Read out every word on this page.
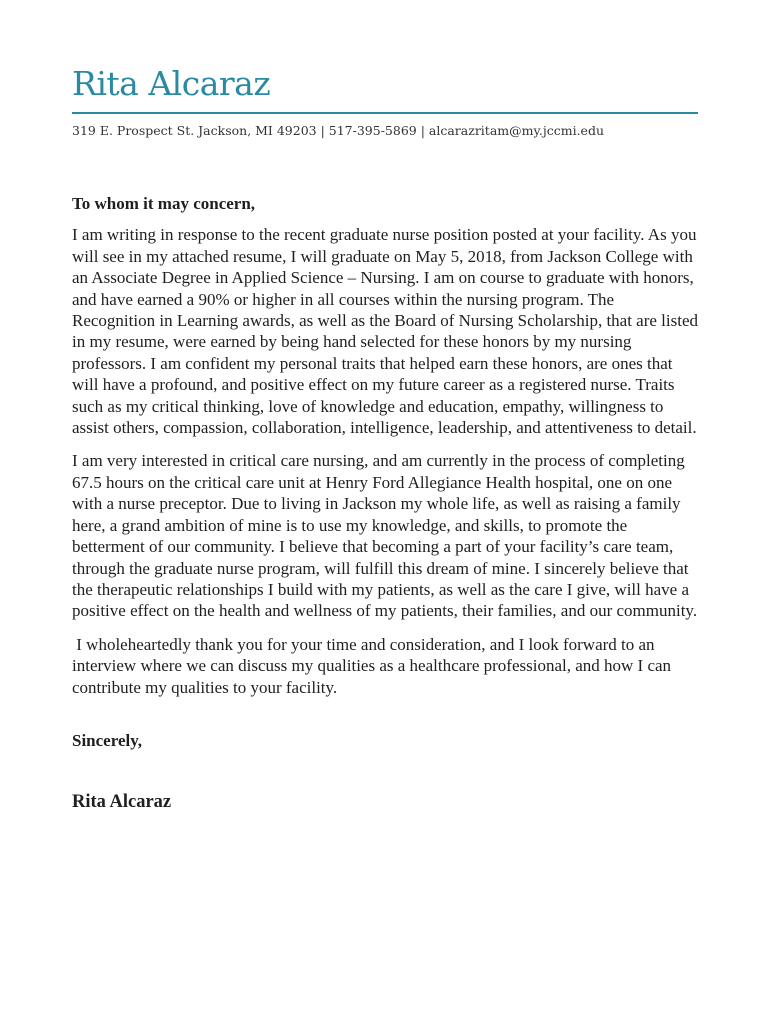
Rita Alcaraz
319 E. Prospect St. Jackson, MI 49203 | 517-395-5869 | alcarazritam@my.jccmi.edu

To whom it may concern,

I am writing in response to the recent graduate nurse position posted at your facility. As you will see in my attached resume, I will graduate on May 5, 2018, from Jackson College with an Associate Degree in Applied Science – Nursing. I am on course to graduate with honors, and have earned a 90% or higher in all courses within the nursing program. The Recognition in Learning awards, as well as the Board of Nursing Scholarship, that are listed in my resume, were earned by being hand selected for these honors by my nursing professors. I am confident my personal traits that helped earn these honors, are ones that will have a profound, and positive effect on my future career as a registered nurse. Traits such as my critical thinking, love of knowledge and education, empathy, willingness to assist others, compassion, collaboration, intelligence, leadership, and attentiveness to detail.

I am very interested in critical care nursing, and am currently in the process of completing 67.5 hours on the critical care unit at Henry Ford Allegiance Health hospital, one on one with a nurse preceptor. Due to living in Jackson my whole life, as well as raising a family here, a grand ambition of mine is to use my knowledge, and skills, to promote the betterment of our community. I believe that becoming a part of your facility’s care team, through the graduate nurse program, will fulfill this dream of mine. I sincerely believe that the therapeutic relationships I build with my patients, as well as the care I give, will have a positive effect on the health and wellness of my patients, their families, and our community.

I wholeheartedly thank you for your time and consideration, and I look forward to an interview where we can discuss my qualities as a healthcare professional, and how I can contribute my qualities to your facility.

Sincerely,

Rita Alcaraz
